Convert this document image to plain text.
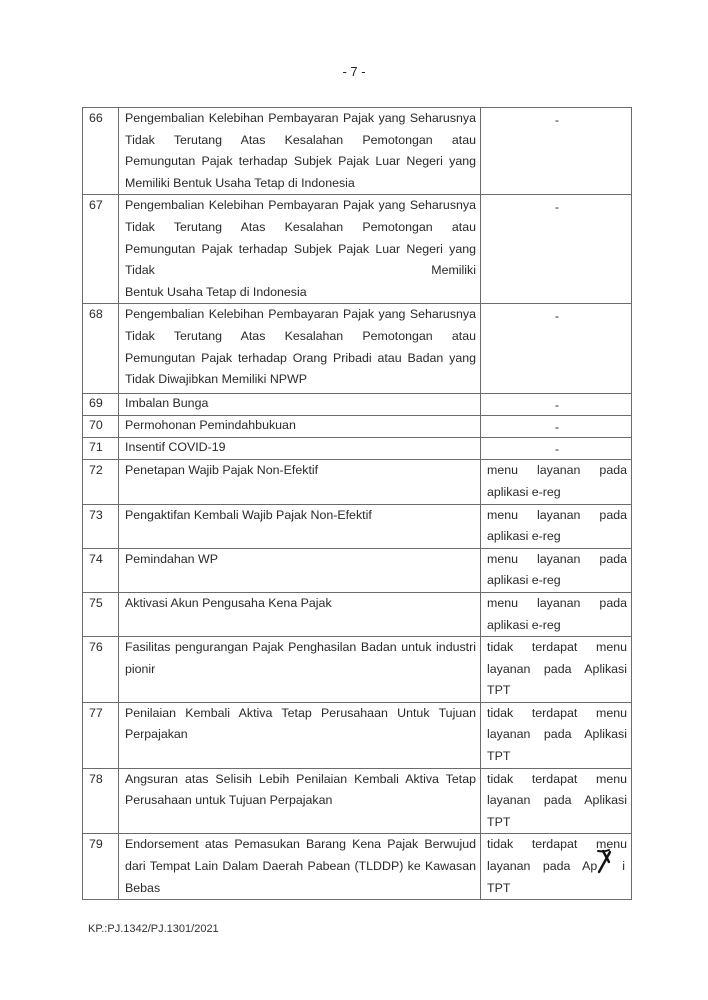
- 7 -
66	Pengembalian Kelebihan Pembayaran Pajak yang Seharusnya
Tidak Terutang Atas Kesalahan Pemotongan atau
Pemungutan Pajak terhadap Subjek Pajak Luar Negeri yang
Memiliki Bentuk Usaha Tetap di Indonesia	-
67	Pengembalian Kelebihan Pembayaran Pajak yang Seharusnya
Tidak Terutang Atas Kesalahan Pemotongan atau
Pemungutan Pajak terhadap Subjek Pajak Luar Negeri yang
Tidak Memiliki
Bentuk Usaha Tetap di Indonesia	-
68	Pengembalian Kelebihan Pembayaran Pajak yang Seharusnya
Tidak Terutang Atas Kesalahan Pemotongan atau
Pemungutan Pajak terhadap Orang Pribadi atau Badan yang
Tidak Diwajibkan Memiliki NPWP	-
69	Imbalan Bunga	-
70	Permohonan Pemindahbukuan	-
71	Insentif COVID-19	-
72	Penetapan Wajib Pajak Non-Efektif	menu layanan pada
aplikasi e-reg

73	Pengaktifan Kembali Wajib Pajak Non-Efektif	menu layanan pada
aplikasi e-reg

74	Pemindahan WP	menu layanan pada
aplikasi e-reg

75	Aktivasi Akun Pengusaha Kena Pajak	menu layanan pada
aplikasi e-reg

76	Fasilitas pengurangan Pajak Penghasilan Badan untuk industri
pionir	tidak terdapat menu
layanan pada Aplikasi
TPT

77	Penilaian Kembali Aktiva Tetap Perusahaan Untuk Tujuan
Perpajakan	tidak terdapat menu
layanan pada Aplikasi
TPT

78	Angsuran atas Selisih Lebih Penilaian Kembali Aktiva Tetap
Perusahaan untuk Tujuan Perpajakan	tidak terdapat menu
layanan pada Aplikasi
TPT

79	Endorsement atas Pemasukan Barang Kena Pajak Berwujud
dari Tempat Lain Dalam Daerah Pabean (TLDDP) ke Kawasan
Bebas	tidak terdapat menu
layanan pada Ap i
TPT
KP.:PJ.1342/PJ.1301/2021
